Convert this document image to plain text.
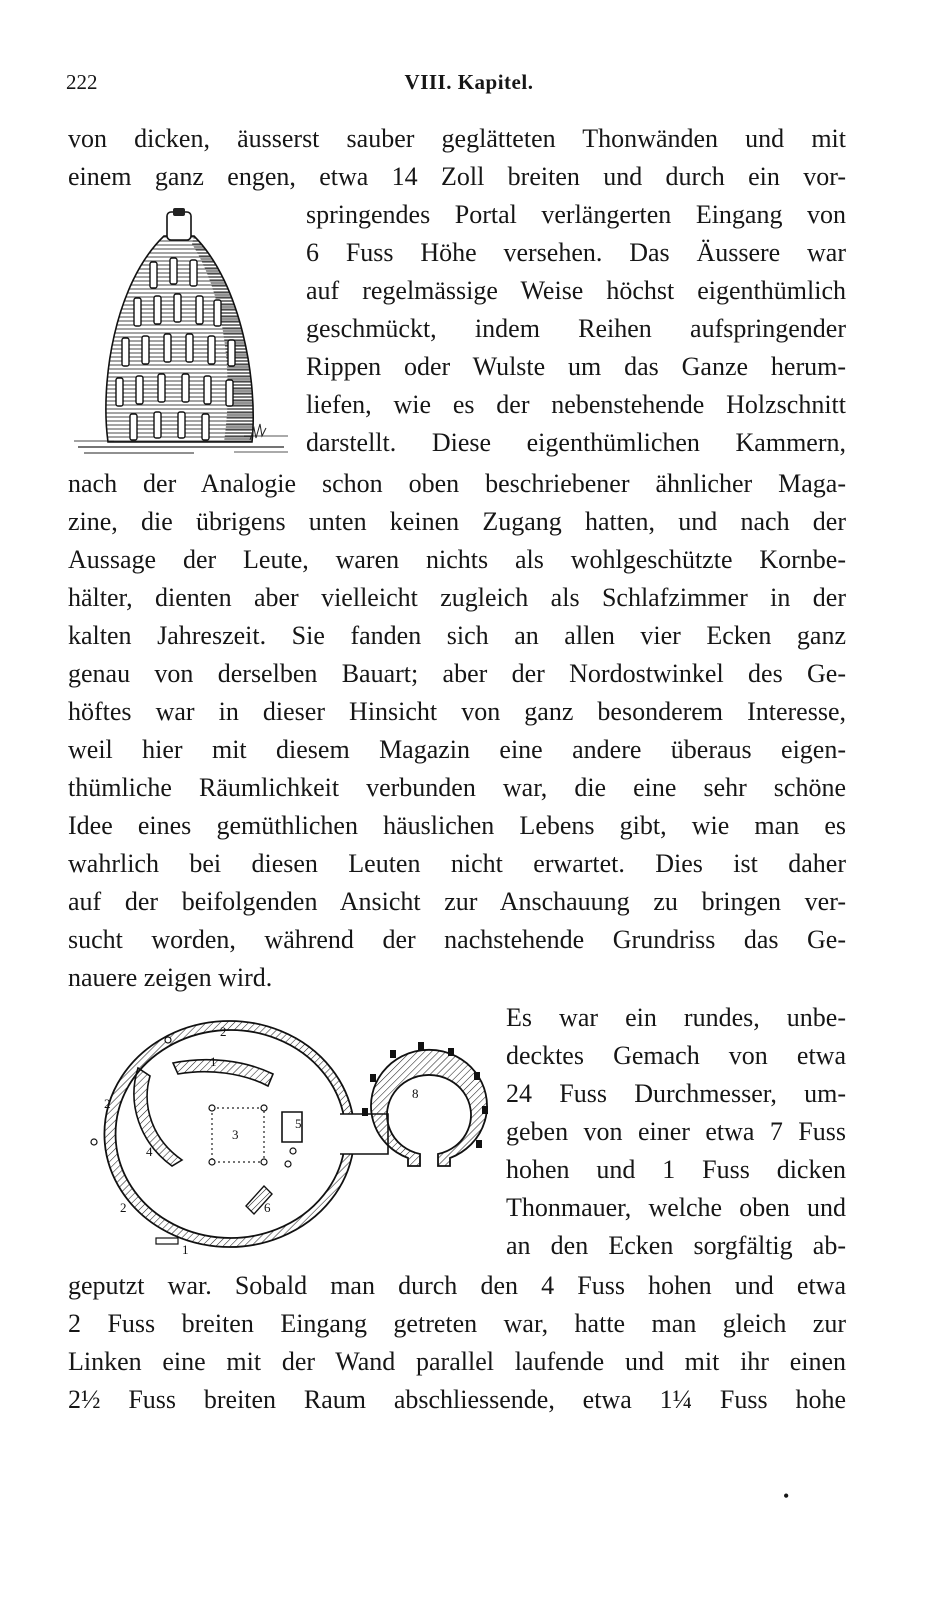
222	VIII. Kapitel.
von dicken, äusserst sauber geglätteten Thonwänden und mit
einem ganz engen, etwa 14 Zoll breiten und durch ein vor-
springendes Portal verlängerten Eingang von
6 Fuss Höhe versehen. Das Äussere war
auf regelmässige Weise höchst eigenthümlich
geschmückt, indem Reihen aufspringender
Rippen oder Wulste um das Ganze herum-
liefen, wie es der nebenstehende Holzschnitt
darstellt. Diese eigenthümlichen Kammern,
nach der Analogie schon oben beschriebener ähnlicher Maga-
zine, die übrigens unten keinen Zugang hatten, und nach der
Aussage der Leute, waren nichts als wohlgeschützte Kornbe-
hälter, dienten aber vielleicht zugleich als Schlafzimmer in der
kalten Jahreszeit. Sie fanden sich an allen vier Ecken ganz
genau von derselben Bauart; aber der Nordostwinkel des Ge-
höftes war in dieser Hinsicht von ganz besonderem Interesse,
weil hier mit diesem Magazin eine andere überaus eigen-
thümliche Räumlichkeit verbunden war, die eine sehr schöne
Idee eines gemüthlichen häuslichen Lebens gibt, wie man es
wahrlich bei diesen Leuten nicht erwartet. Dies ist daher
auf der beifolgenden Ansicht zur Anschauung zu bringen ver-
sucht worden, während der nachstehende Grundriss das Ge-
nauere zeigen wird.
Es war ein rundes, unbe-
decktes Gemach von etwa
24 Fuss Durchmesser, um-
geben von einer etwa 7 Fuss
hohen und 1 Fuss dicken
Thonmauer, welche oben und
an den Ecken sorgfältig ab-
geputzt war. Sobald man durch den 4 Fuss hohen und etwa
2 Fuss breiten Eingang getreten war, hatte man gleich zur
Linken eine mit der Wand parallel laufende und mit ihr einen
2½ Fuss breiten Raum abschliessende, etwa 1¼ Fuss hohe
2
1
2
3
5
4
2	6
1
8
•
